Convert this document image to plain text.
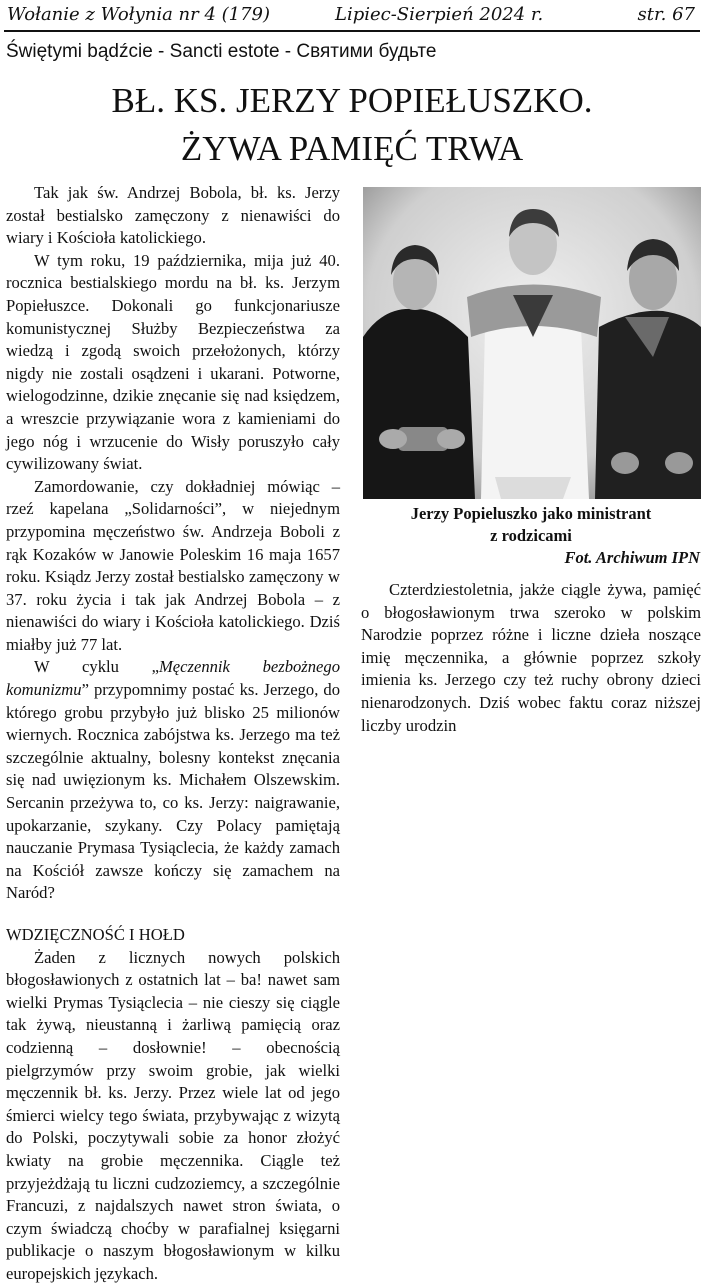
Wołanie z Wołynia nr 4 (179)	Lipiec-Sierpień 2024 r.	str. 67
Świętymi bądźcie - Sancti estote - Святими будьте
BŁ. KS. JERZY POPIEŁUSZKO.
ŻYWA PAMIĘĆ TRWA

Tak jak św. Andrzej Bobola, bł. ks. Jerzy został bestialsko zamęczony z nienawiści do wiary i Kościoła katolickiego.

W tym roku, 19 października, mija już 40. rocznica bestialskiego mordu na bł. ks. Jerzym Popiełuszce. Dokonali go funkcjonariusze komunistycznej Służby Bezpieczeństwa za wiedzą i zgodą swoich przełożonych, którzy nigdy nie zostali osądzeni i ukarani. Potworne, wielogodzinne, dzikie znęcanie się nad księdzem, a wreszcie przywiązanie wora z kamieniami do jego nóg i wrzucenie do Wisły poruszyło cały cywilizowany świat.

Zamordowanie, czy dokładniej mówiąc – rzeź kapelana „Solidarności”, w niejednym przypomina męczeństwo św. Andrzeja Boboli z rąk Kozaków w Janowie Poleskim 16 maja 1657 roku. Ksiądz Jerzy został bestialsko zamęczony w 37. roku życia i tak jak Andrzej Bobola – z nienawiści do wiary i Kościoła katolickiego. Dziś miałby już 77 lat.

W cyklu „Męczennik bezbożnego komunizmu” przypomnimy postać ks. Jerzego, do którego grobu przybyło już blisko 25 milionów wiernych. Rocznica zabójstwa ks. Jerzego ma też szczególnie aktualny, bolesny kontekst znęcania się nad uwięzionym ks. Michałem Olszewskim. Sercanin przeżywa to, co ks. Jerzy: naigrawanie, upokarzanie, szykany. Czy Polacy pamiętają nauczanie Prymasa Tysiąclecia, że każdy zamach na Kościół zawsze kończy się zamachem na Naród?

WDZIĘCZNOŚĆ I HOŁD

Żaden z licznych nowych polskich błogosławionych z ostatnich lat – ba! nawet sam wielki Prymas Tysiąclecia – nie cieszy się ciągle tak żywą, nieustanną i żarliwą pamięcią oraz codzienną – dosłownie! – obecnością pielgrzymów przy swoim grobie, jak wielki męczennik bł. ks. Jerzy. Przez wiele lat od jego śmierci wielcy tego świata, przybywając z wizytą do Polski, poczytywali sobie za honor złożyć kwiaty na grobie męczennika. Ciągle też przyjeżdżają tu liczni cudzoziemcy, a szczególnie Francuzi, z najdalszych nawet stron świata, o czym świadczą choćby w parafialnej księgarni publikacje o naszym błogosławionym w kilku europejskich językach.

Jerzy Popieluszko jako ministrant
z rodzicami
Fot. Archiwum IPN

Czterdziestoletnia, jakże ciągle żywa, pamięć o błogosławionym trwa szeroko w polskim Narodzie poprzez różne i liczne dzieła noszące imię męczennika, a głównie poprzez szkoły imienia ks. Jerzego czy też ruchy obrony dzieci nienarodzonych. Dziś wobec faktu coraz niższej liczby urodzin
